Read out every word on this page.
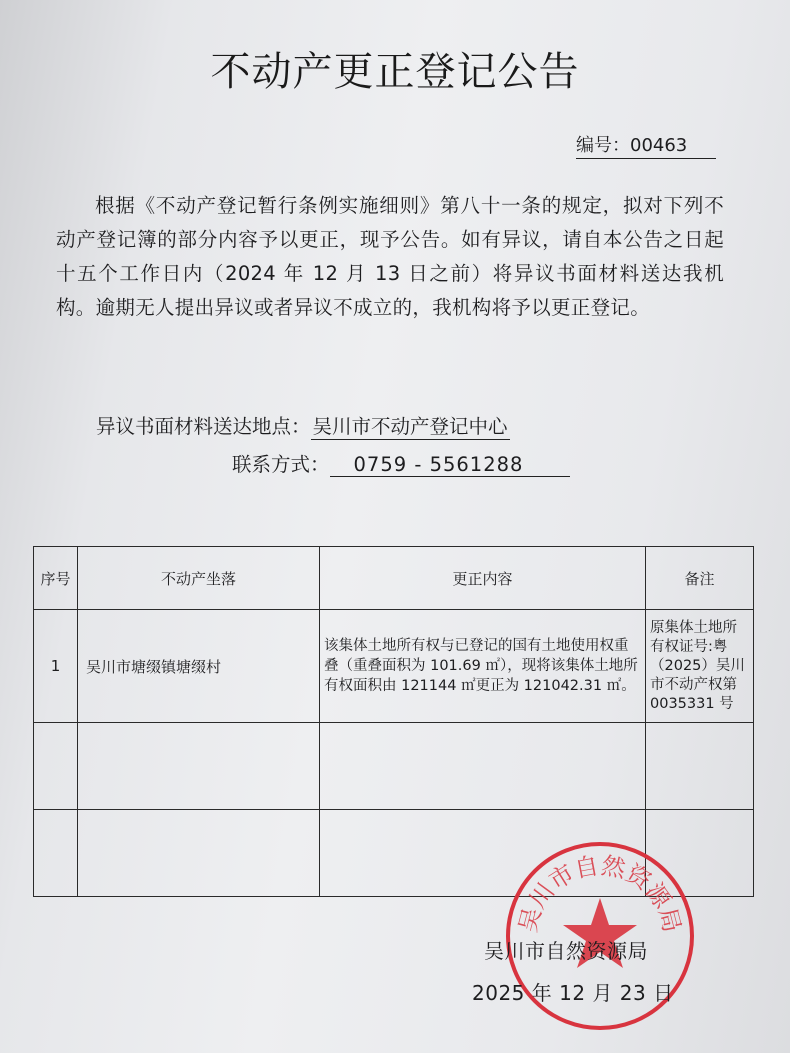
不动产更正登记公告
编号：00463
根据《不动产登记暂行条例实施细则》第八十一条的规定，拟对下列不动产登记簿的部分内容予以更正，现予公告。如有异议，请自本公告之日起十五个工作日内（2024 年 12 月 13 日之前）将异议书面材料送达我机构。逾期无人提出异议或者异议不成立的，我机构将予以更正登记。
异议书面材料送达地点： 吴川市不动产登记中心
联系方式： 0759 - 5561288
序号	不动产坐落	更正内容	备注
1	吴川市塘缀镇塘缀村	该集体土地所有权与已登记的国有土地使用权重叠（重叠面积为 101.69 ㎡），现将该集体土地所有权面积由 121144 ㎡更正为 121042.31 ㎡。	原集体土地所有权证号:粤（2025）吴川市不动产权第 0035331 号

吴川市自然资源局
吴川市自然资源局
2025 年 12 月 23 日
